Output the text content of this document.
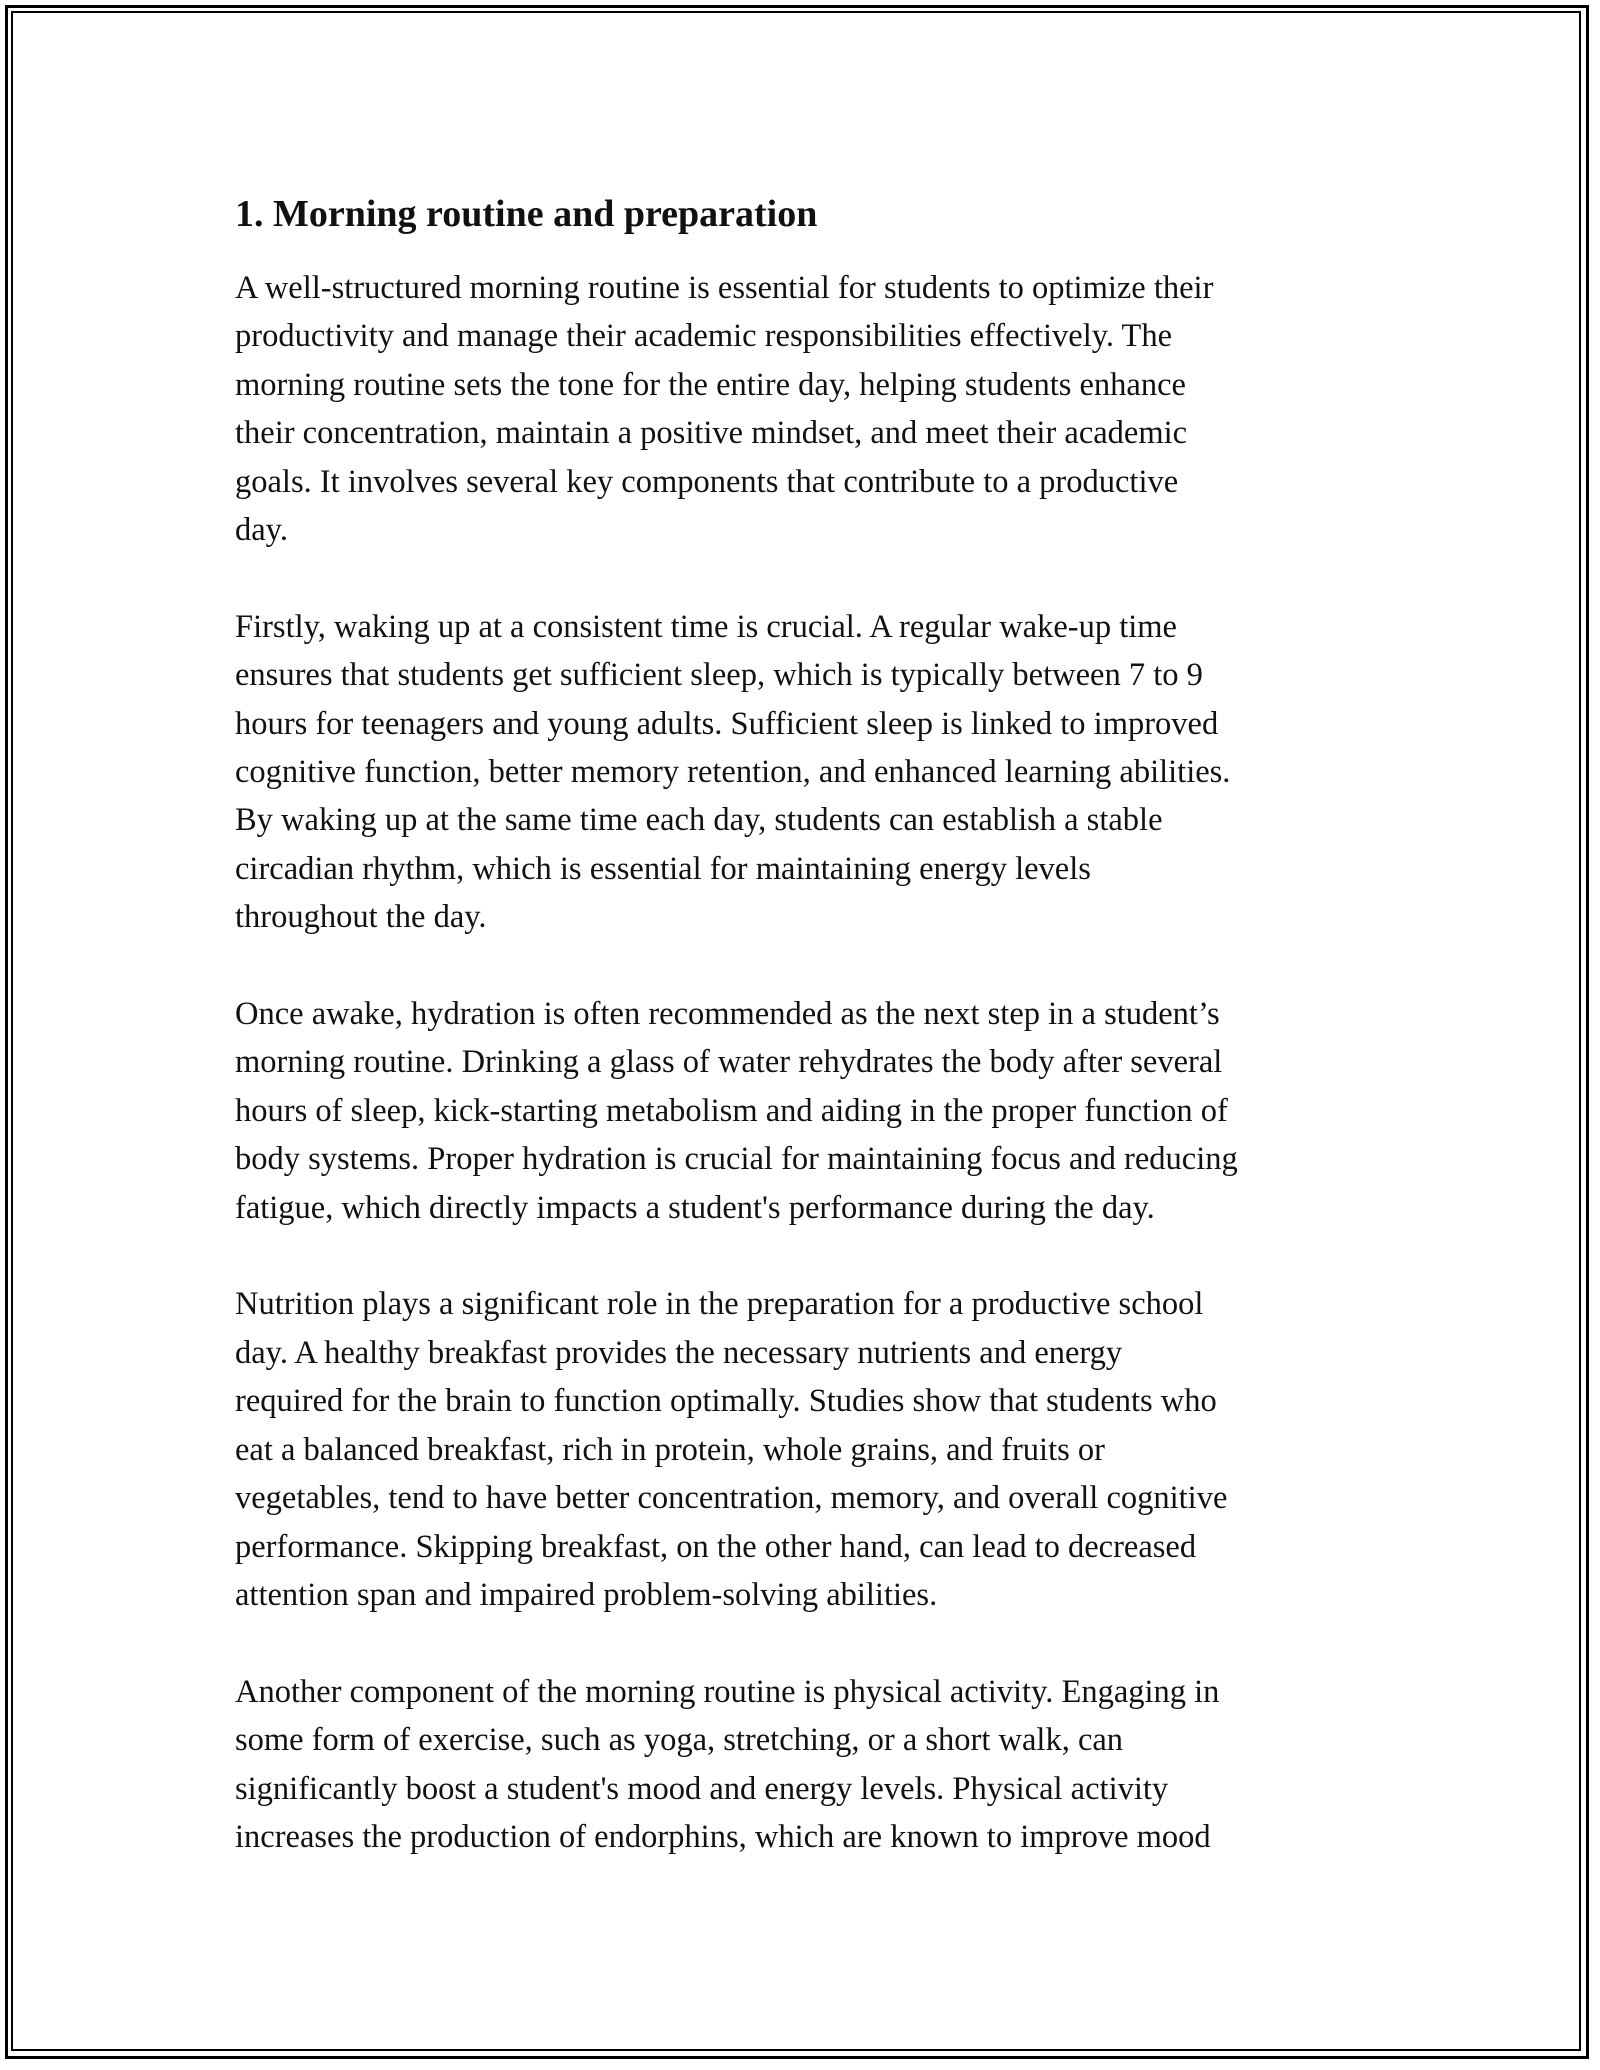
1. Morning routine and preparation

A well-structured morning routine is essential for students to optimize their
productivity and manage their academic responsibilities effectively. The
morning routine sets the tone for the entire day, helping students enhance
their concentration, maintain a positive mindset, and meet their academic
goals. It involves several key components that contribute to a productive
day.

Firstly, waking up at a consistent time is crucial. A regular wake-up time
ensures that students get sufficient sleep, which is typically between 7 to 9
hours for teenagers and young adults. Sufficient sleep is linked to improved
cognitive function, better memory retention, and enhanced learning abilities.
By waking up at the same time each day, students can establish a stable
circadian rhythm, which is essential for maintaining energy levels
throughout the day.

Once awake, hydration is often recommended as the next step in a student’s
morning routine. Drinking a glass of water rehydrates the body after several
hours of sleep, kick-starting metabolism and aiding in the proper function of
body systems. Proper hydration is crucial for maintaining focus and reducing
fatigue, which directly impacts a student's performance during the day.

Nutrition plays a significant role in the preparation for a productive school
day. A healthy breakfast provides the necessary nutrients and energy
required for the brain to function optimally. Studies show that students who
eat a balanced breakfast, rich in protein, whole grains, and fruits or
vegetables, tend to have better concentration, memory, and overall cognitive
performance. Skipping breakfast, on the other hand, can lead to decreased
attention span and impaired problem-solving abilities.

Another component of the morning routine is physical activity. Engaging in
some form of exercise, such as yoga, stretching, or a short walk, can
significantly boost a student's mood and energy levels. Physical activity
increases the production of endorphins, which are known to improve mood
